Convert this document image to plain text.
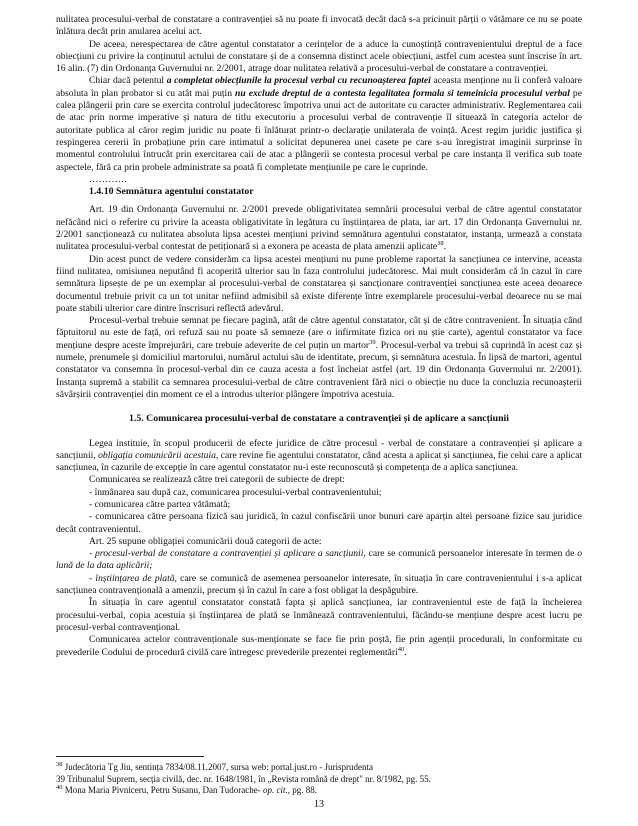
nulitatea procesului-verbal de constatare a contravenției să nu poate fi invocată decât dacă s-a pricinuit părții o vătămare ce nu se poate înlătura decât prin anularea acelui act.

De aceea, nerespectarea de către agentul constatator a cerințelor de a aduce la cunoștință contravenientului dreptul de a face obiecțiuni cu privire la conținutul actului de constatare și de a consemna distinct acele obiecțiuni, astfel cum acestea sunt înscrise în art. 16 alin. (7) din Ordonanța Guvernului nr. 2/2001, atrage doar nulitatea relativă a procesului-verbal de constatare a contravenției.

Chiar dacă petentul a completat obiecțiunile la procesul verbal cu recunoașterea faptei aceasta mențione nu îi conferă valoare absoluta în plan probator si cu atât mai puțin nu exclude dreptul de a contesta legalitatea formala si temeinicia procesului verbal pe calea plângerii prin care se exercita controlul judecătoresc împotriva unui act de autoritate cu caracter administrativ. Reglementarea caii de atac prin norme imperative și natura de titlu executoriu a procesului verbal de contravenție îl situează în categoria actelor de autoritate publica al căror regim juridic nu poate fi înlăturat printr-o declarație unilaterala de voință. Acest regim juridic justifica și respingerea cererii în probațiune prin care intimatul a solicitat depunerea unei casete pe care s-au înregistrat imaginii surprinse în momentul controlului întrucât prin exercitarea caii de atac a plângerii se contesta procesul verbal pe care instanța îl verifica sub toate aspectele, fără ca prin probele administrate sa poată fi completate mențiunile pe care le cuprinde.

…………

1.4.10 Semnătura agentului constatator

Art. 19 din Ordonanța Guvernului nr. 2/2001 prevede obligativitatea semnării procesului verbal de către agentul constatator nefăcând nici o referire cu privire la aceasta obligativitate în legătura cu înștiințarea de plata, iar art. 17 din Ordonanța Guvernului nr. 2/2001 sancționează cu nulitatea absoluta lipsa acestei mențiuni privind semnătura agentului constatator, instanța, urmează a constata nulitatea procesului-verbal contestat de petiționară si a exonera pe aceasta de plata amenzii aplicate$^{38}$.

Din acest punct de vedere considerăm ca lipsa acestei mențiuni nu pune probleme raportat la sancțiunea ce intervine, aceasta fiind nulitatea, omisiunea neputând fi acoperită ulterior sau în faza controlului judecătoresc. Mai mult considerăm că în cazul în care semnătura lipsește de pe un exemplar al procesului-verbal de constatarea și sancționare contravenției sancțiunea este aceea deoarece documentul trebuie privit ca un tot unitar nefiind admisibil să existe diferențe între exemplarele procesului-verbal deoarece nu se mai poate stabili ulterior care dintre înscrisuri reflectă adevărul.

Procesul-verbal trebuie semnat pe fiecare pagină, atât de către agentul constatator, cât și de către contravenient. În situația când făptuitorul nu este de față, ori refuză sau nu poate să semneze (are o infirmitate fizica ori nu știe carte), agentul constatator va face mențiune despre aceste împrejurări, care trebuie adeverite de cel puțin un martor$^{39}$. Procesul-verbal va trebui să cuprindă în acest caz și numele, prenumele și domiciliul martorului, numărul actului său de identitate, precum, și semnătura acestuia. În lipsă de martori, agentul constatator va consemna în procesul-verbal din ce cauza acesta a fost încheiat astfel (art. 19 din Ordonanța Guvernului nr. 2/2001). Instanța supremă a stabilit ca semnarea procesului-verbal de către contravenient fără nici o obiecție nu duce la concluzia recunoașterii săvârșirii contravenției din moment ce el a introdus ulterior plângere împotriva acestuia.

1.5. Comunicarea procesului-verbal de constatare a contravenției și de aplicare a sancțiunii

Legea instituie, în scopul producerii de efecte juridice de către procesul - verbal de constatare a contravenției și aplicare a sancțiunii, obligația comunicării acestuia, care revine fie agentului constatator, când acesta a aplicat și sancțiunea, fie celui care a aplicat sancțiunea, în cazurile de excepție în care agentul constatator nu-i este recunoscută și competența de a aplica sancțiunea.

Comunicarea se realizează către trei categorii de subiecte de drept:

- înmânarea sau după caz, comunicarea procesului-verbal contravenientului;

- comunicarea către partea vătămată;

- comunicarea către persoana fizică sau juridică, în cazul confiscării unor bunuri care aparțin altei persoane fizice sau juridice decât contravenientul.

Art. 25 supune obligației comunicării două categorii de acte:

- procesul-verbal de constatare a contravenției și aplicare a sancțiunii, care se comunică persoanelor interesate în termen de o lună de la data aplicării;

- înștiințarea de plată, care se comunică de asemenea persoanelor interesate, în situația în care contravenientului i s-a aplicat sancțiunea contravențională a amenzii, precum și în cazul în care a fost obligat la despăgubire.

În situația în care agentul constatator constată fapta și aplică sancțiunea, iar contravenientul este de față la încheierea procesului-verbal, copia acestuia și înștiințarea de plată se înmânează contravenientului, făcându-se mențiune despre acest lucru pe procesul-verbal contravențional.

Comunicarea actelor contravenționale sus-menționate se face fie prin poștă, fie prin agenții procedurali, în conformitate cu prevederile Codului de procedură civilă care întregesc prevederile prezentei reglementări$^{40}$.

$^{38}$ Judecătoria Tg Jiu, sentința 7834/08.11.2007, sursa web: portal.just.ro - Jurisprudenta

39 Tribunalul Suprem, secția civilă, dec. nr. 1648/1981, în „Revista română de drept" nr. 8/1982, pg. 55.

$^{40}$ Mona Maria Pivniceru, Petru Susanu, Dan Tudorache- op. cit., pg. 88.

13
